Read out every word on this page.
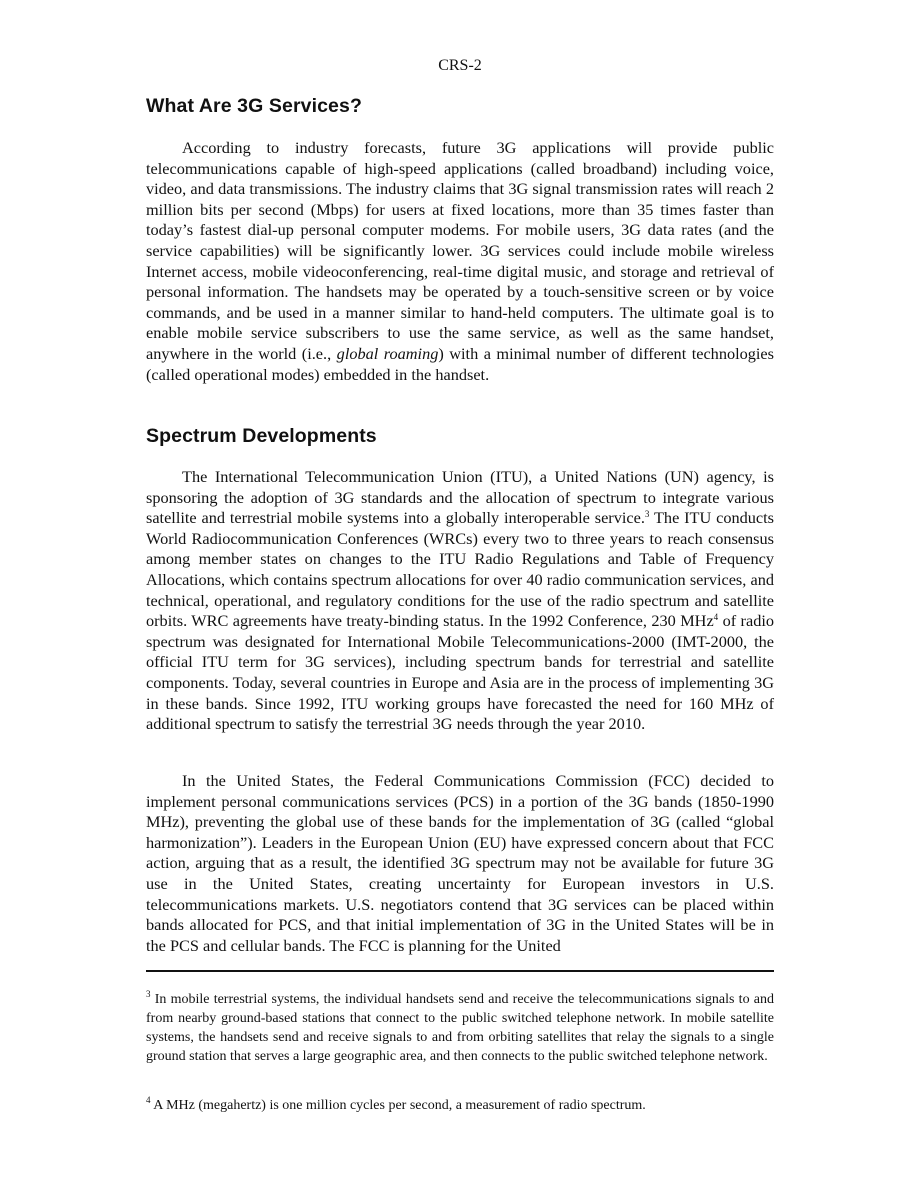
CRS-2
What Are 3G Services?

According to industry forecasts, future 3G applications will provide public telecommunications capable of high-speed applications (called broadband) including voice, video, and data transmissions. The industry claims that 3G signal transmission rates will reach 2 million bits per second (Mbps) for users at fixed locations, more than 35 times faster than today’s fastest dial-up personal computer modems. For mobile users, 3G data rates (and the service capabilities) will be significantly lower. 3G services could include mobile wireless Internet access, mobile videoconferencing, real-time digital music, and storage and retrieval of personal information. The handsets may be operated by a touch-sensitive screen or by voice commands, and be used in a manner similar to hand-held computers. The ultimate goal is to enable mobile service subscribers to use the same service, as well as the same handset, anywhere in the world (i.e., global roaming) with a minimal number of different technologies (called operational modes) embedded in the handset.

Spectrum Developments

The International Telecommunication Union (ITU), a United Nations (UN) agency, is sponsoring the adoption of 3G standards and the allocation of spectrum to integrate various satellite and terrestrial mobile systems into a globally interoperable service.$^3$ The ITU conducts World Radiocommunication Conferences (WRCs) every two to three years to reach consensus among member states on changes to the ITU Radio Regulations and Table of Frequency Allocations, which contains spectrum allocations for over 40 radio communication services, and technical, operational, and regulatory conditions for the use of the radio spectrum and satellite orbits. WRC agreements have treaty-binding status. In the 1992 Conference, 230 MHz$^4$ of radio spectrum was designated for International Mobile Telecommunications-2000 (IMT-2000, the official ITU term for 3G services), including spectrum bands for terrestrial and satellite components. Today, several countries in Europe and Asia are in the process of implementing 3G in these bands. Since 1992, ITU working groups have forecasted the need for 160 MHz of additional spectrum to satisfy the terrestrial 3G needs through the year 2010.

In the United States, the Federal Communications Commission (FCC) decided to implement personal communications services (PCS) in a portion of the 3G bands (1850-1990 MHz), preventing the global use of these bands for the implementation of 3G (called “global harmonization”). Leaders in the European Union (EU) have expressed concern about that FCC action, arguing that as a result, the identified 3G spectrum may not be available for future 3G use in the United States, creating uncertainty for European investors in U.S. telecommunications markets. U.S. negotiators contend that 3G services can be placed within bands allocated for PCS, and that initial implementation of 3G in the United States will be in the PCS and cellular bands. The FCC is planning for the United

$^3$ In mobile terrestrial systems, the individual handsets send and receive the telecommunications signals to and from nearby ground-based stations that connect to the public switched telephone network. In mobile satellite systems, the handsets send and receive signals to and from orbiting satellites that relay the signals to a single ground station that serves a large geographic area, and then connects to the public switched telephone network.

$^4$ A MHz (megahertz) is one million cycles per second, a measurement of radio spectrum.
